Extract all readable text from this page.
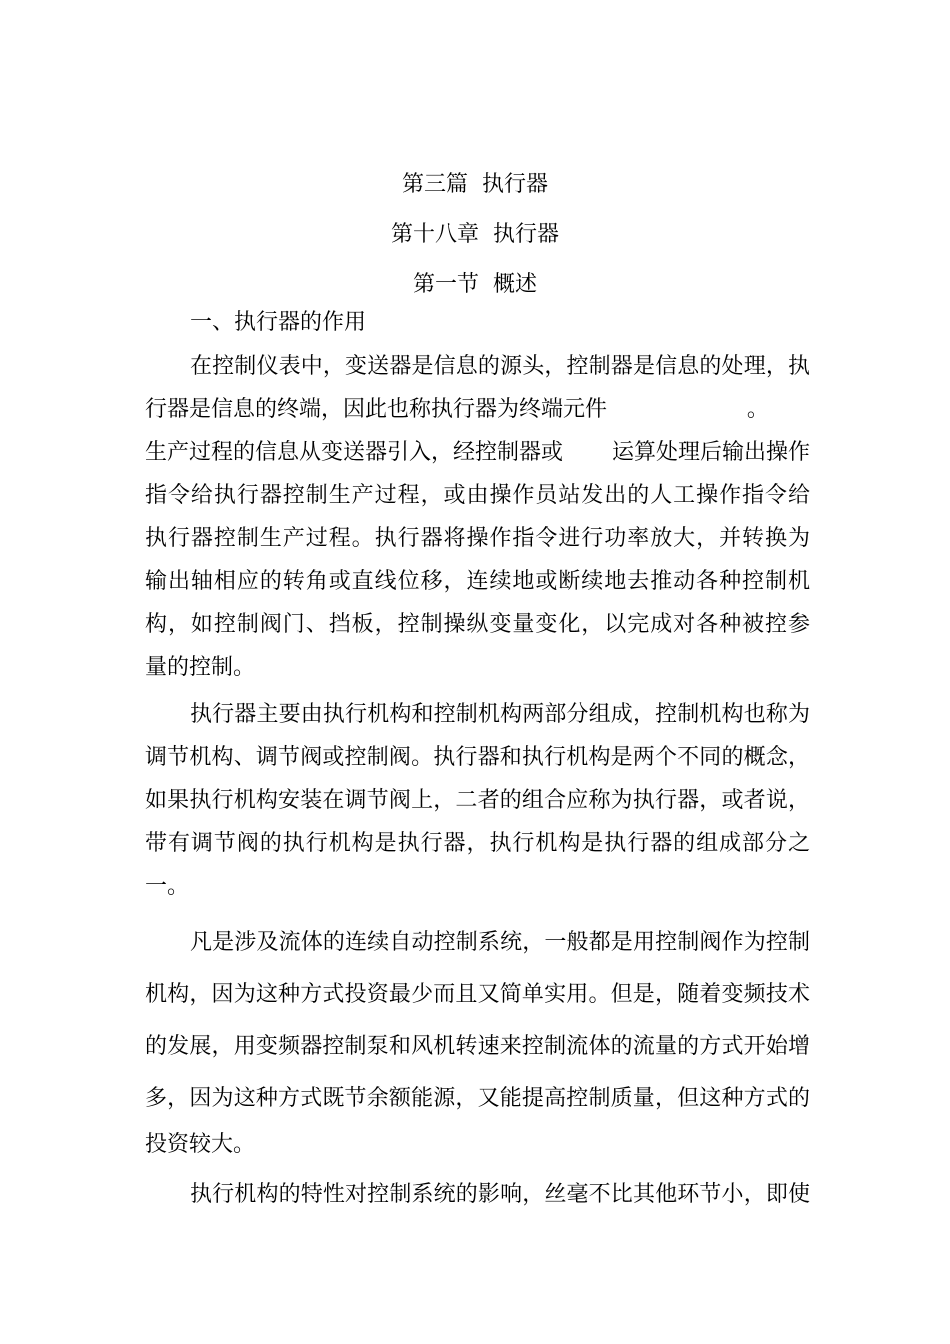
第三篇  执行器
第十八章  执行器
第一节  概述
一、执行器的作用
在控制仪表中，变送器是信息的源头，控制器是信息的处理，执
行器是信息的终端，因此也称执行器为终端元件                    。
生产过程的信息从变送器引入，经控制器或       运算处理后输出操作
指令给执行器控制生产过程，或由操作员站发出的人工操作指令给
执行器控制生产过程。执行器将操作指令进行功率放大，并转换为
输出轴相应的转角或直线位移，连续地或断续地去推动各种控制机
构，如控制阀门、挡板，控制操纵变量变化，以完成对各种被控参
量的控制。
执行器主要由执行机构和控制机构两部分组成，控制机构也称为
调节机构、调节阀或控制阀。执行器和执行机构是两个不同的概念，
如果执行机构安装在调节阀上，二者的组合应称为执行器，或者说，
带有调节阀的执行机构是执行器，执行机构是执行器的组成部分之
一。
凡是涉及流体的连续自动控制系统，一般都是用控制阀作为控制
机构，因为这种方式投资最少而且又简单实用。但是，随着变频技术
的发展，用变频器控制泵和风机转速来控制流体的流量的方式开始增
多，因为这种方式既节余额能源，又能提高控制质量，但这种方式的
投资较大。
执行机构的特性对控制系统的影响，丝毫不比其他环节小，即使
